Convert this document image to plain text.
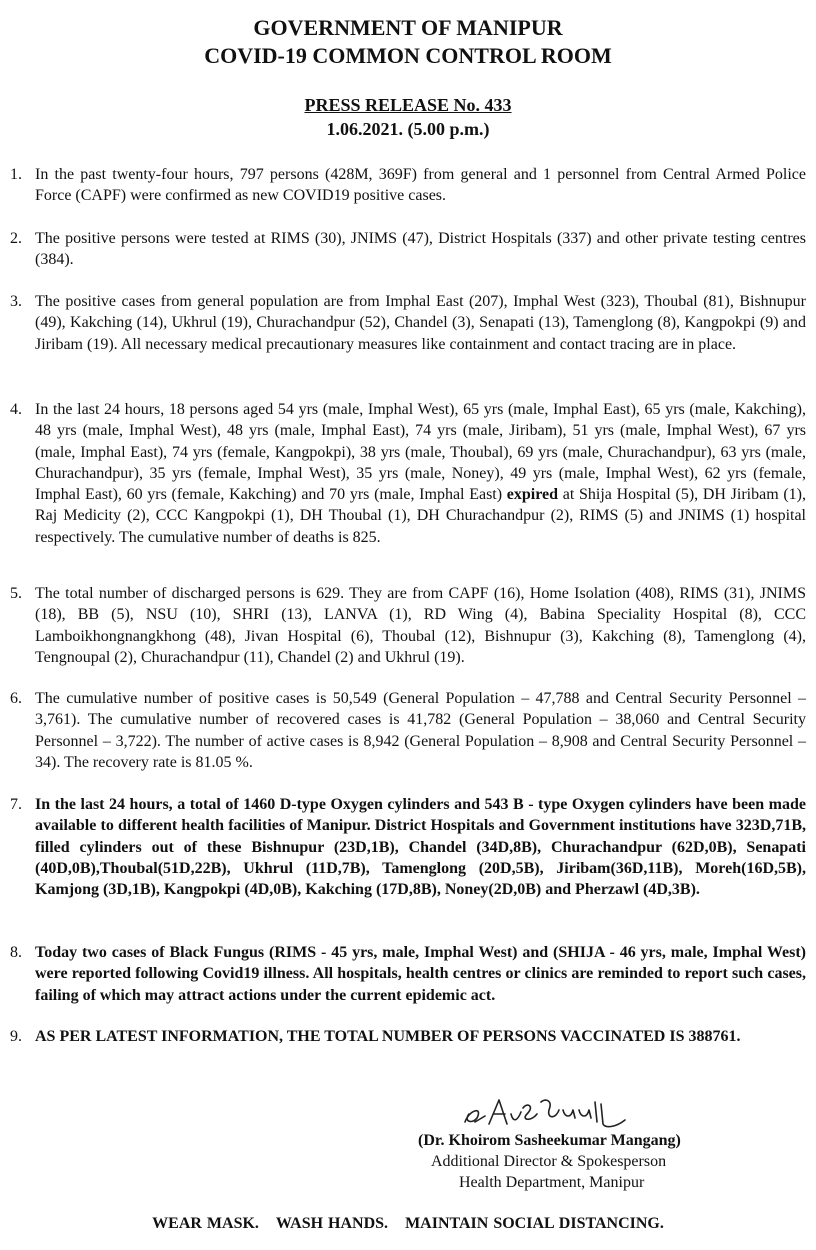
GOVERNMENT OF MANIPUR
COVID-19 COMMON CONTROL ROOM
PRESS RELEASE No. 433
1.06.2021. (5.00 p.m.)
1. In the past twenty-four hours, 797 persons (428M, 369F) from general and 1 personnel from Central Armed Police Force (CAPF) were confirmed as new COVID19 positive cases.
2. The positive persons were tested at RIMS (30), JNIMS (47), District Hospitals (337) and other private testing centres (384).
3. The positive cases from general population are from Imphal East (207), Imphal West (323), Thoubal (81), Bishnupur (49), Kakching (14), Ukhrul (19), Churachandpur (52), Chandel (3), Senapati (13), Tamenglong (8), Kangpokpi (9) and Jiribam (19). All necessary medical precautionary measures like containment and contact tracing are in place.
4. In the last 24 hours, 18 persons aged 54 yrs (male, Imphal West), 65 yrs (male, Imphal East), 65 yrs (male, Kakching), 48 yrs (male, Imphal West), 48 yrs (male, Imphal East), 74 yrs (male, Jiribam), 51 yrs (male, Imphal West), 67 yrs (male, Imphal East), 74 yrs (female, Kangpokpi), 38 yrs (male, Thoubal), 69 yrs (male, Churachandpur), 63 yrs (male, Churachandpur), 35 yrs (female, Imphal West), 35 yrs (male, Noney), 49 yrs (male, Imphal West), 62 yrs (female, Imphal East), 60 yrs (female, Kakching) and 70 yrs (male, Imphal East) expired at Shija Hospital (5), DH Jiribam (1), Raj Medicity (2), CCC Kangpokpi (1), DH Thoubal (1), DH Churachandpur (2), RIMS (5) and JNIMS (1) hospital respectively. The cumulative number of deaths is 825.
5. The total number of discharged persons is 629. They are from CAPF (16), Home Isolation (408), RIMS (31), JNIMS (18), BB (5), NSU (10), SHRI (13), LANVA (1), RD Wing (4), Babina Speciality Hospital (8), CCC Lamboikhongnangkhong (48), Jivan Hospital (6), Thoubal (12), Bishnupur (3), Kakching (8), Tamenglong (4), Tengnoupal (2), Churachandpur (11), Chandel (2) and Ukhrul (19).
6. The cumulative number of positive cases is 50,549 (General Population – 47,788 and Central Security Personnel – 3,761). The cumulative number of recovered cases is 41,782 (General Population – 38,060 and Central Security Personnel – 3,722). The number of active cases is 8,942 (General Population – 8,908 and Central Security Personnel – 34). The recovery rate is 81.05 %.
7. In the last 24 hours, a total of 1460 D-type Oxygen cylinders and 543 B - type Oxygen cylinders have been made available to different health facilities of Manipur. District Hospitals and Government institutions have 323D,71B, filled cylinders out of these Bishnupur (23D,1B), Chandel (34D,8B), Churachandpur (62D,0B), Senapati (40D,0B),Thoubal(51D,22B), Ukhrul (11D,7B), Tamenglong (20D,5B), Jiribam(36D,11B), Moreh(16D,5B), Kamjong (3D,1B), Kangpokpi (4D,0B), Kakching (17D,8B), Noney(2D,0B) and Pherzawl (4D,3B).
8. Today two cases of Black Fungus (RIMS - 45 yrs, male, Imphal West) and (SHIJA - 46 yrs, male, Imphal West) were reported following Covid19 illness. All hospitals, health centres or clinics are reminded to report such cases, failing of which may attract actions under the current epidemic act.
9. AS PER LATEST INFORMATION, THE TOTAL NUMBER OF PERSONS VACCINATED IS 388761.
(Dr. Khoirom Sasheekumar Mangang)
Additional Director & Spokesperson
Health Department, Manipur
WEAR MASK. WASH HANDS. MAINTAIN SOCIAL DISTANCING.
